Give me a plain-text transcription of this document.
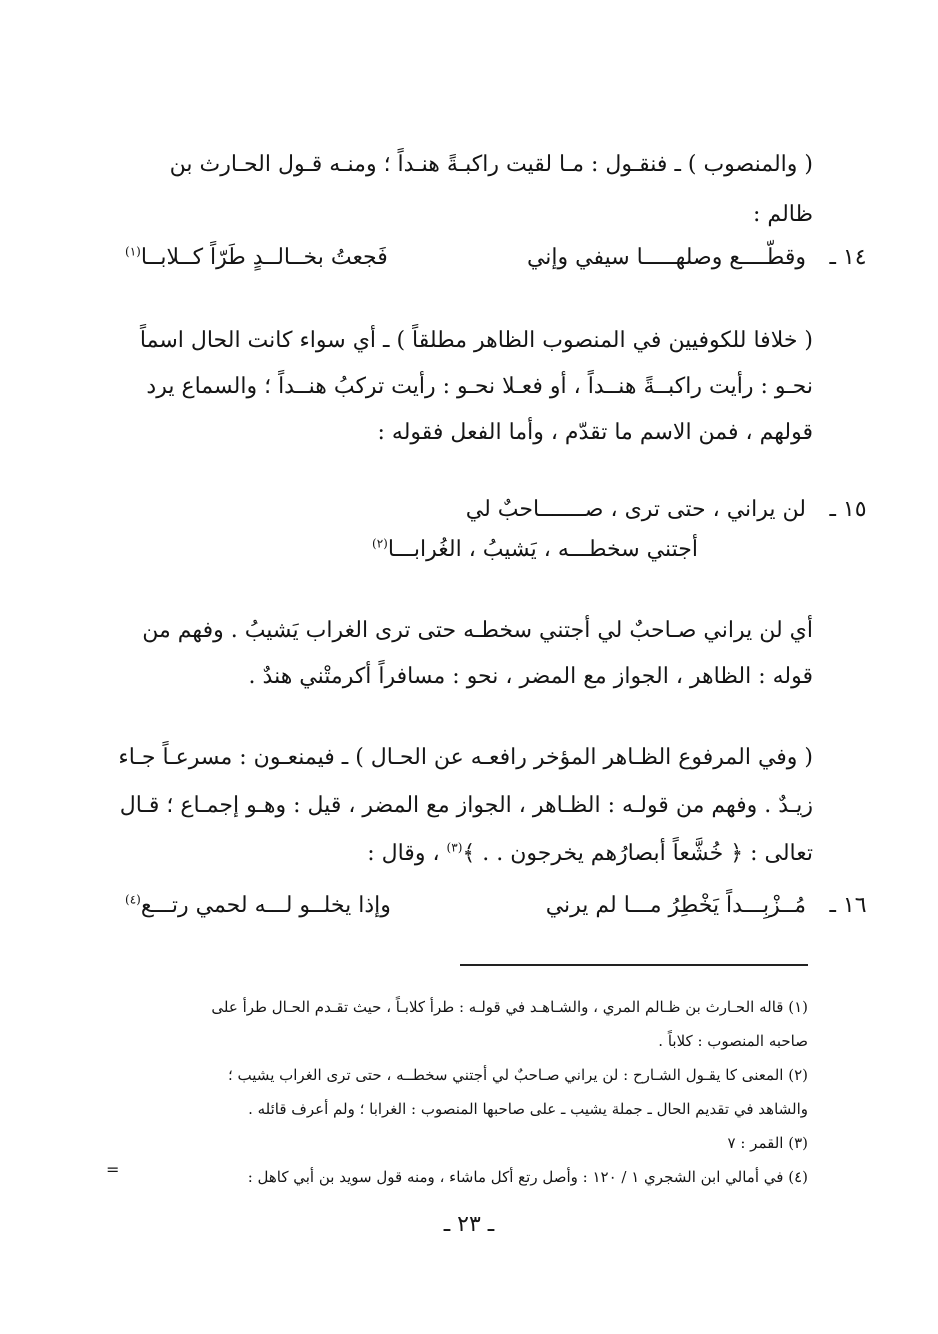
( والمنصوب ) ـ فنقـول : مـا لقيت راكبـةً هنـداً ؛ ومنـه قـول الحـارث بن
ظالم :
١٤ ـ
وقطّــــع وصلهـــــا سيفي وإني
فَجعتُ بخــالــدٍ طَرّاً كــلابــا$^{(١)}$
( خلافا للكوفيين في المنصوب الظاهر مطلقاً ) ـ أي سواء كانت الحال اسماً
نحـو : رأيت راكبــةً هنــداً ، أو فعـلا نحـو : رأيت تركبُ هنــداً ؛ والسماع يرد
قولهم ، فمن الاسم ما تقدّم ، وأما الفعل فقوله :
١٥ ـ
لن يراني ، حتى ترى ، صـــــــاحبٌ لي
أجتني سخطـــه ، يَشيبُ ، الغُرابـــا$^{(٢)}$
أي لن يراني صـاحبٌ لي أجتني سخطـه حتى ترى الغراب يَشيبُ . وفهم من
قوله : الظاهر ، الجواز مع المضر ، نحو : مسافراً أكرمتْني هندٌ .
( وفي المرفوع الظـاهر المؤخر رافعـه عن الحـال ) ـ فيمنعـون : مسرعـاً جـاء
زيـدٌ . وفهم من قولـه : الظـاهر ، الجواز مع المضر ، قيل : وهـو إجمـاع ؛ قـال
تعالى : ﴿ خُشَّعاً أبصارُهم يخرجون . . ﴾$^{(٣)}$ ، وقال :
١٦ ـ
مُــزْبِـــداً يَخْطِرُ مـــا لم يرني
وإذا يخلــو لـــه لحمي رتـــع$^{(٤)}$
(١) قاله الحـارث بن ظـالم المري ، والشـاهـد في قولـه : طرأ كلابـاً ، حيث تقـدم الحـال طرأ على
صاحبه المنصوب : كلاباً .
(٢) المعنى كا يقـول الشـارح : لن يراني صـاحبٌ لي أجتني سخطــه ، حتى ترى الغراب يشيب ؛
والشاهد في تقديم الحال ـ جملة يشيب ـ على صاحبها المنصوب : الغرابا ؛ ولم أعرف قائله .
(٣) القمر : ٧
(٤) في أمالي ابن الشجري ١ / ١٢٠ : وأصل رتع أكل ماشاء ، ومنه قول سويد بن أبي كاهل :
=
ـ ٢٣ ـ
